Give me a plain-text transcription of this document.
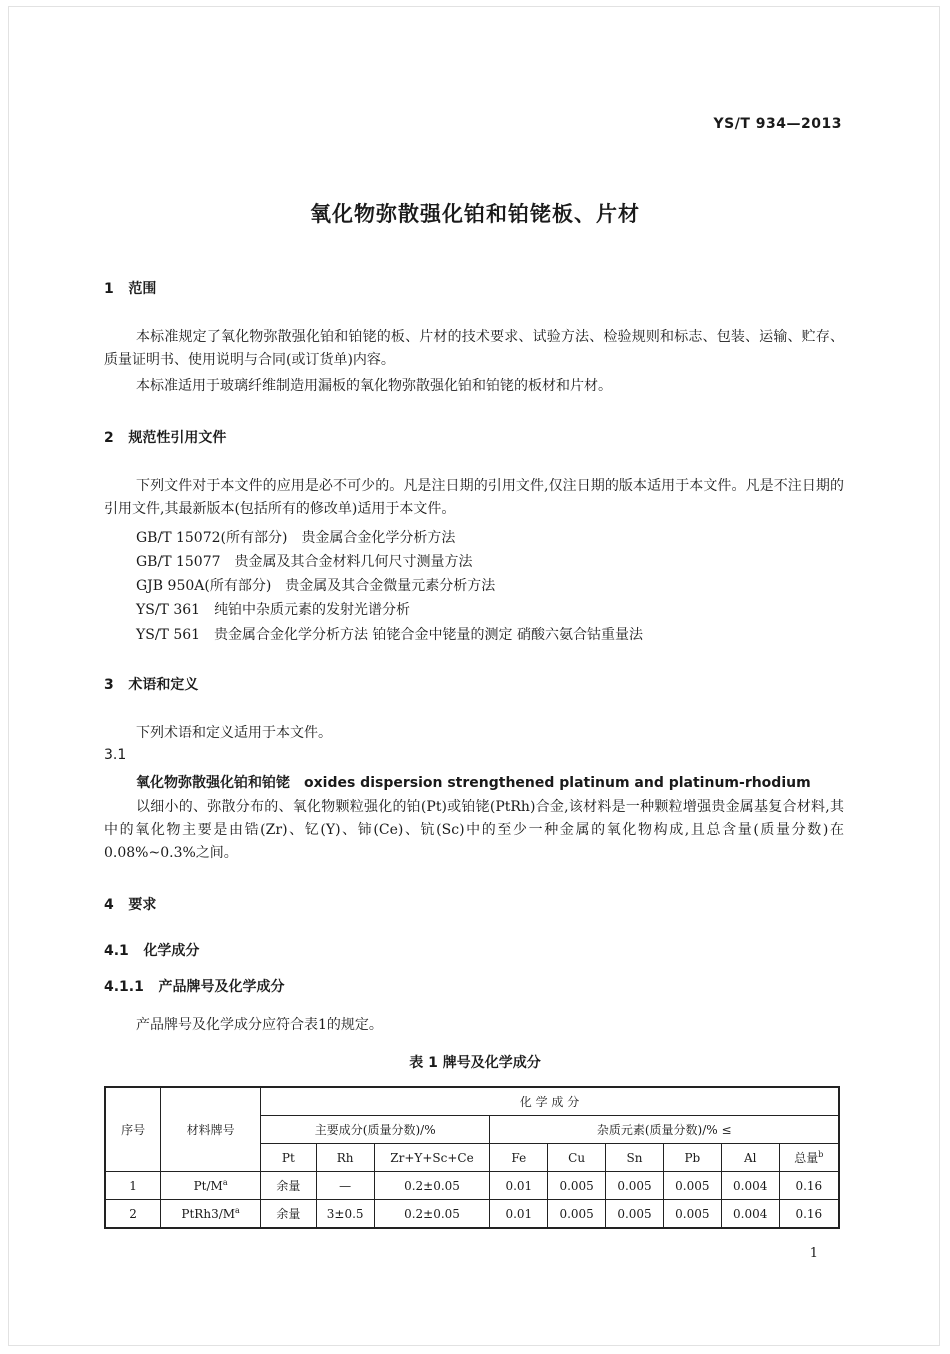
YS/T 934—2013
氧化物弥散强化铂和铂铑板、片材
1 范围
本标准规定了氧化物弥散强化铂和铂铑的板、片材的技术要求、试验方法、检验规则和标志、包装、运输、贮存、质量证明书、使用说明与合同(或订货单)内容。
本标准适用于玻璃纤维制造用漏板的氧化物弥散强化铂和铂铑的板材和片材。
2 规范性引用文件
下列文件对于本文件的应用是必不可少的。凡是注日期的引用文件,仅注日期的版本适用于本文件。凡是不注日期的引用文件,其最新版本(包括所有的修改单)适用于本文件。
GB/T 15072(所有部分) 贵金属合金化学分析方法
GB/T 15077 贵金属及其合金材料几何尺寸测量方法
GJB 950A(所有部分) 贵金属及其合金微量元素分析方法
YS/T 361 纯铂中杂质元素的发射光谱分析
YS/T 561 贵金属合金化学分析方法 铂铑合金中铑量的测定 硝酸六氨合钴重量法
3 术语和定义
下列术语和定义适用于本文件。
3.1
氧化物弥散强化铂和铂铑 oxides dispersion strengthened platinum and platinum-rhodium
以细小的、弥散分布的、氧化物颗粒强化的铂(Pt)或铂铑(PtRh)合金,该材料是一种颗粒增强贵金属基复合材料,其中的氧化物主要是由锆(Zr)、钇(Y)、铈(Ce)、钪(Sc)中的至少一种金属的氧化物构成,且总含量(质量分数)在0.08%~0.3%之间。
4 要求
4.1 化学成分
4.1.1 产品牌号及化学成分
产品牌号及化学成分应符合表1的规定。
表 1 牌号及化学成分
序号	材料牌号	化 学 成 分								
		主要成分(质量分数)/%			杂质元素(质量分数)/% ≤					
		Pt	Rh	Zr+Y+Sc+Ce	Fe	Cu	Sn	Pb	Al	总量$^b$
1	$Pt/M^a$	余量	—	0.2±0.05	0.01	0.005	0.005	0.005	0.004	0.16
2	$PtRh3/M^a$	余量	3±0.5	0.2±0.05	0.01	0.005	0.005	0.005	0.004	0.16
1
